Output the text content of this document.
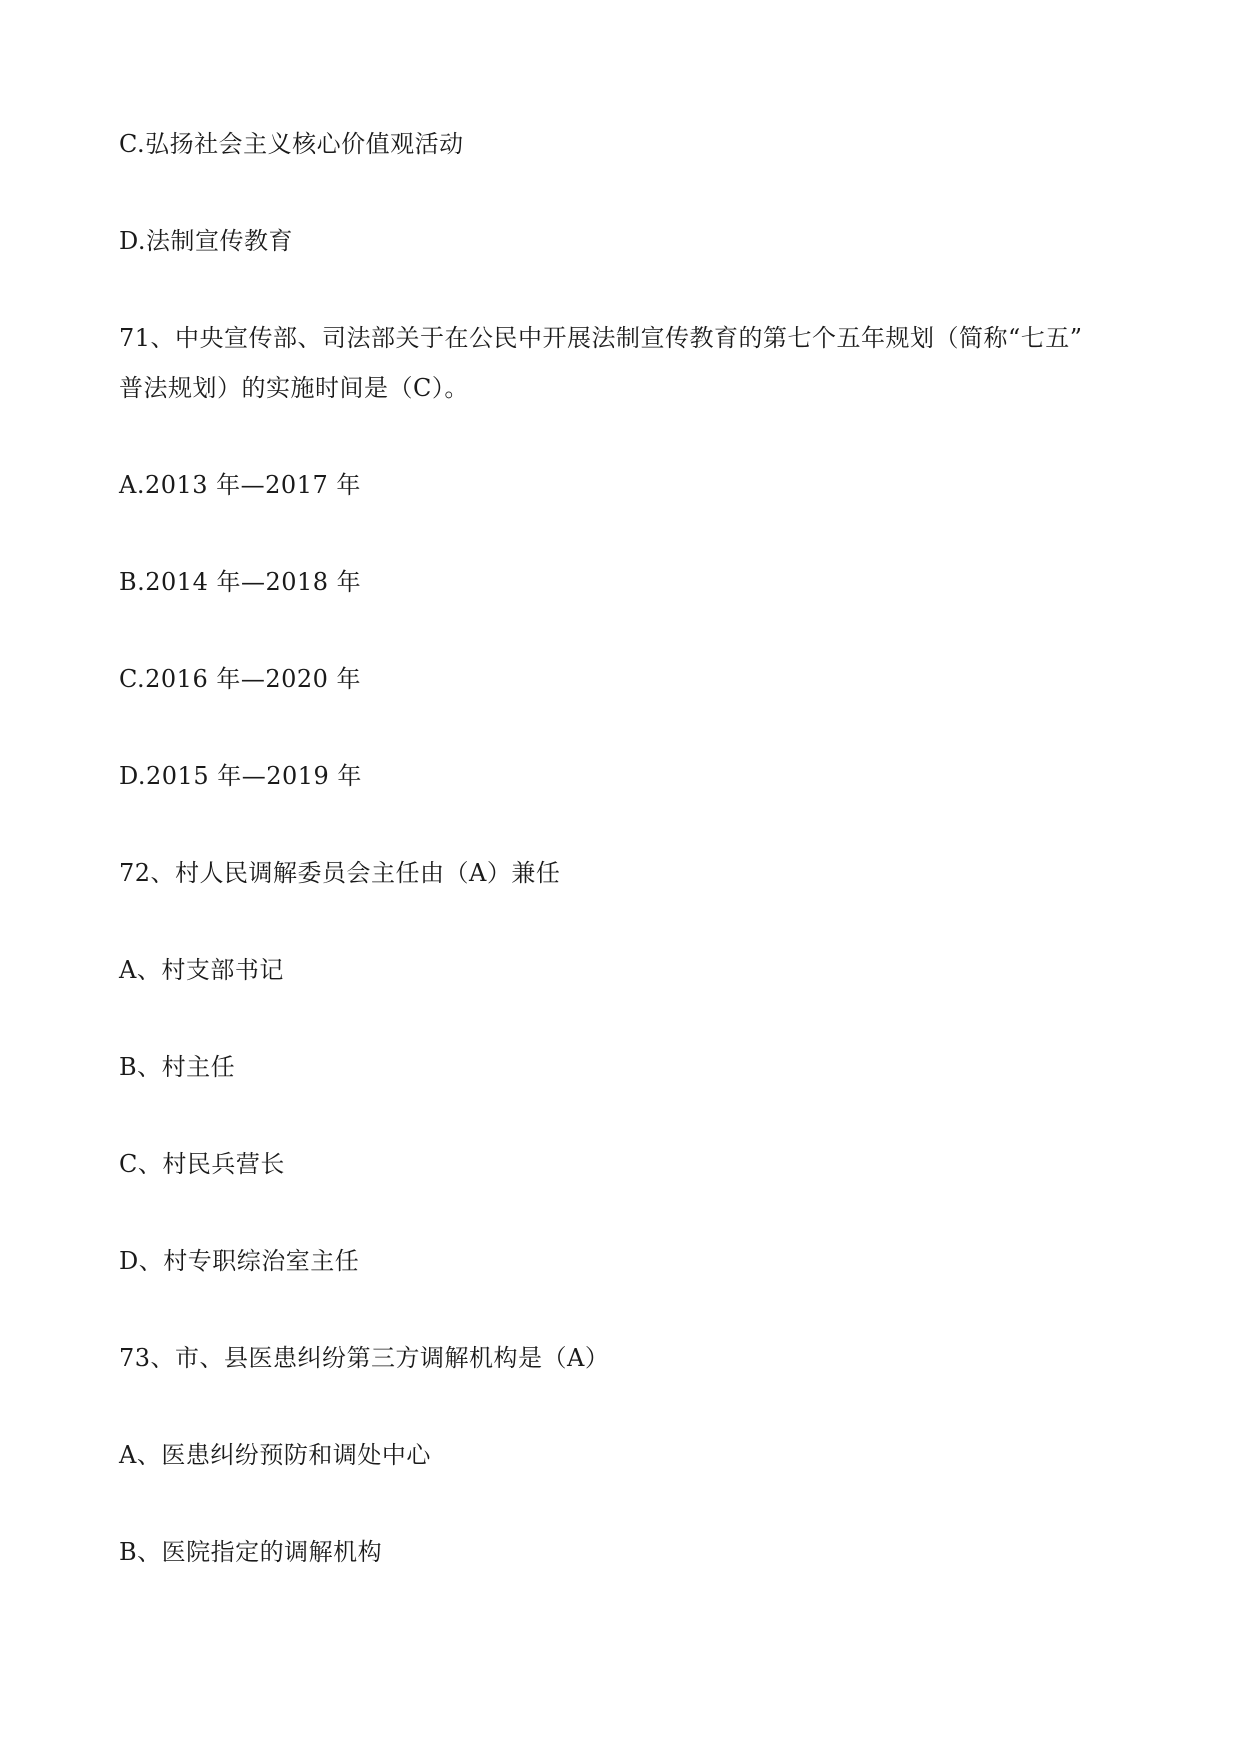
C.弘扬社会主义核心价值观活动
D.法制宣传教育
71、中央宣传部、司法部关于在公民中开展法制宣传教育的第七个五年规划（简称“七五”
普法规划）的实施时间是（C）。
A.2013 年—2017 年
B.2014 年—2018 年
C.2016 年—2020 年
D.2015 年—2019 年
72、村人民调解委员会主任由（A）兼任
A、村支部书记
B、村主任
C、村民兵营长
D、村专职综治室主任
73、市、县医患纠纷第三方调解机构是（A）
A、医患纠纷预防和调处中心
B、医院指定的调解机构
